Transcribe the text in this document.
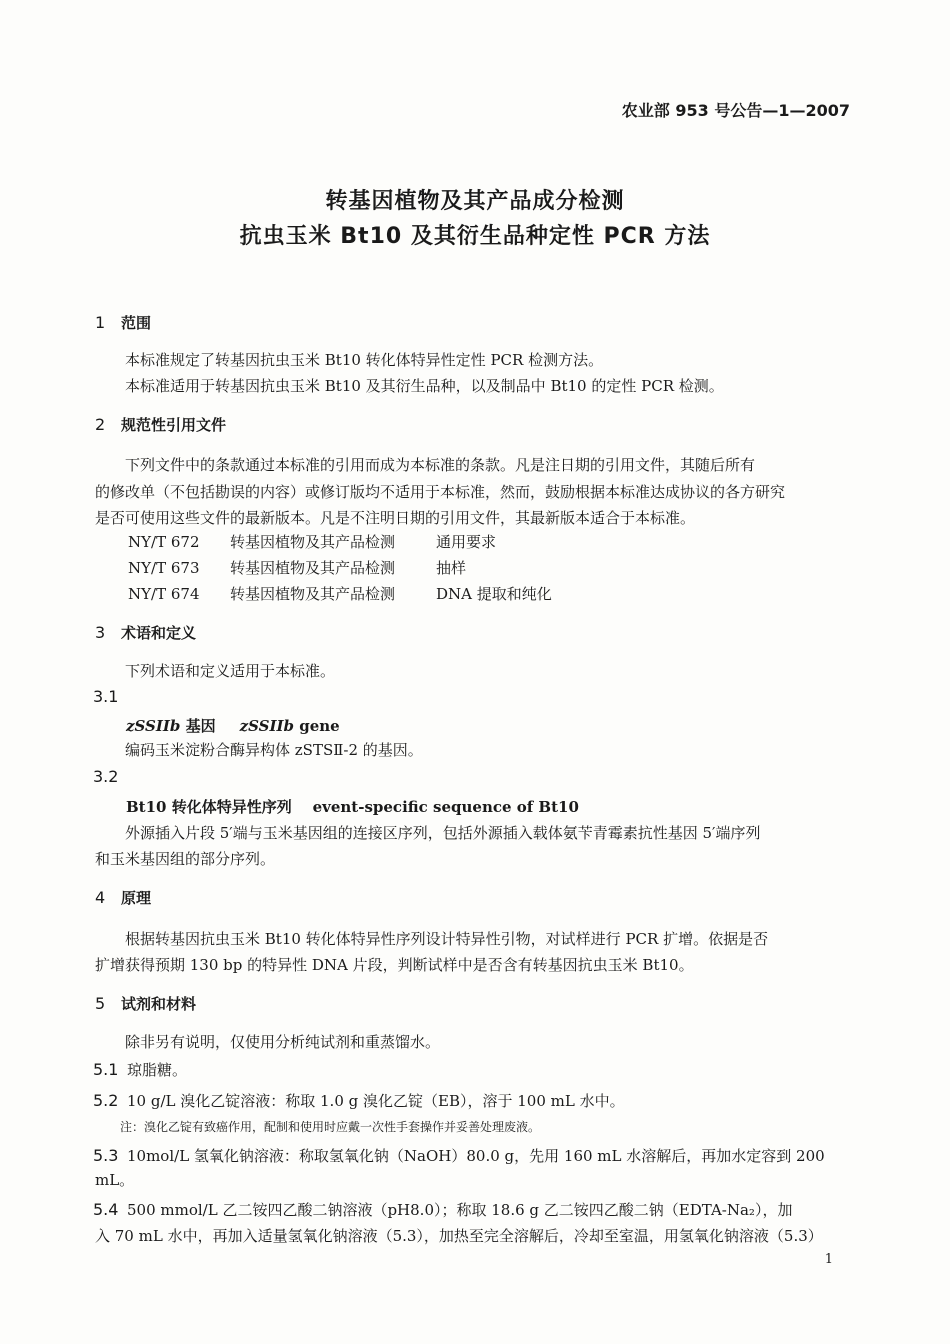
农业部 953 号公告—1—2007
转基因植物及其产品成分检测
抗虫玉米 Bt10 及其衍生品种定性 PCR 方法
1 范围
本标准规定了转基因抗虫玉米 Bt10 转化体特异性定性 PCR 检测方法。
本标准适用于转基因抗虫玉米 Bt10 及其衍生品种，以及制品中 Bt10 的定性 PCR 检测。
2 规范性引用文件
下列文件中的条款通过本标准的引用而成为本标准的条款。凡是注日期的引用文件，其随后所有
的修改单（不包括勘误的内容）或修订版均不适用于本标准，然而，鼓励根据本标准达成协议的各方研究
是否可使用这些文件的最新版本。凡是不注明日期的引用文件，其最新版本适合于本标准。
NY/T 672 转基因植物及其产品检测	通用要求
NY/T 673 转基因植物及其产品检测	抽样
NY/T 674 转基因植物及其产品检测	DNA 提取和纯化
3 术语和定义
下列术语和定义适用于本标准。
3.1
zSSIIb 基因 zSSIIb gene
编码玉米淀粉合酶异构体 zSTSⅡ-2 的基因。
3.2
Bt10 转化体特异性序列    event-specific sequence of Bt10
外源插入片段 5′端与玉米基因组的连接区序列，包括外源插入载体氨苄青霉素抗性基因 5′端序列
和玉米基因组的部分序列。
4 原理
根据转基因抗虫玉米 Bt10 转化体特异性序列设计特异性引物，对试样进行 PCR 扩增。依据是否
扩增获得预期 130 bp 的特异性 DNA 片段，判断试样中是否含有转基因抗虫玉米 Bt10。
5 试剂和材料
除非另有说明，仅使用分析纯试剂和重蒸馏水。
5.1 琼脂糖。
5.2 10 g/L 溴化乙锭溶液：称取 1.0 g 溴化乙锭（EB），溶于 100 mL 水中。
注：溴化乙锭有致癌作用，配制和使用时应戴一次性手套操作并妥善处理废液。
5.3 10mol/L 氢氧化钠溶液：称取氢氧化钠（NaOH）80.0 g，先用 160 mL 水溶解后，再加水定容到 200
mL。
5.4 500 mmol/L 乙二铵四乙酸二钠溶液（pH8.0）；称取 18.6 g 乙二铵四乙酸二钠（EDTA-Na₂），加
入 70 mL 水中，再加入适量氢氧化钠溶液（5.3），加热至完全溶解后，冷却至室温，用氢氧化钠溶液（5.3）
1
